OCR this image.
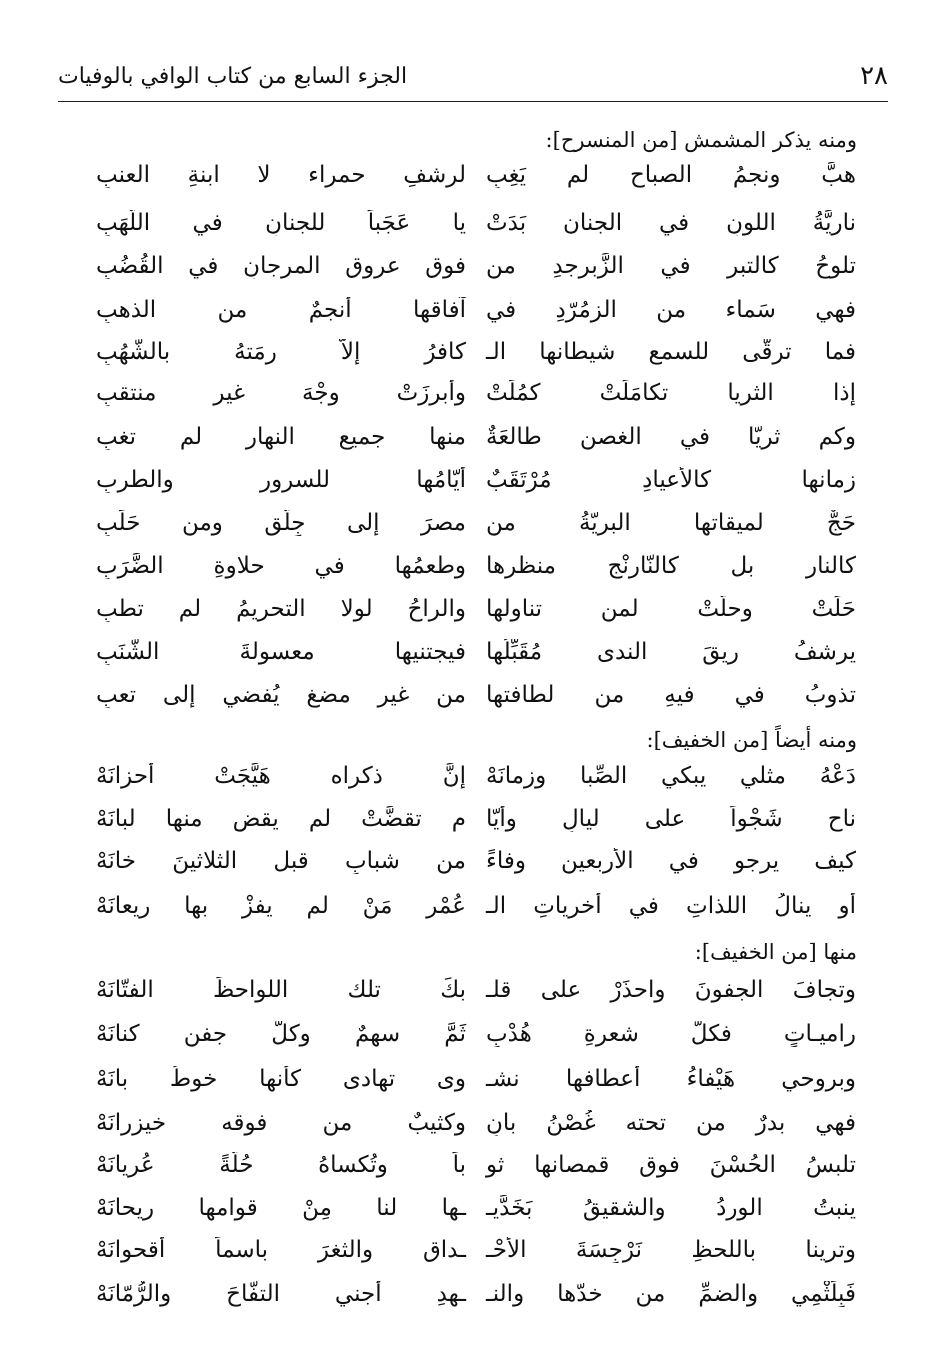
٢٨
الجزء السابع من كتاب الوافي بالوفيات
ومنه يذكر المشمش [من المنسرح]:
هبَّ ونجمُ الصباحِ لم يَغِبِ
لرشفِ حمراء لا ابنةِ العنبِ
ناريَّةُ اللونِ في الجنان بَدَتْ
يا عَجَباً للجنانِ في اللَّهَبِ
تلوحُ كالتبرِ في الزَّبرجدِ من
فوقِ عروق المرجانِ في القُضُبِ
فهي سَماء من الزمُرّدِ في
آفاقها أنجمٌ من الذهبِ
فما ترقَّى للسمعِ شيطانها الـ
كافرُ إلاّ رمَتهُ بالشُّهُبِ
إذا الثريا تكامَلَتْ كمُلَتْ
وأبرزَتْ وجْهَ غيرِ منتقبِ
وكم ثريّا في الغصنِ طالعَةٌ
منها جميعِ النهارِ لم تغبِ
زمانها كالأعيادِ مُرْتَقَبٌ
أيّامُها للسرورِ والطربِ
حَجٌّ لميقاتها البريّةُ من
مصرَ إلى جِلَّقٍ ومن حَلَبِ
كالنار بل كالنّارنْجِ منظرها
وطعمُها في حلاوةِ الضَّرَبِ
حَلَتْ وحلَّتْ لمن تناولها
والراحُ لولا التحريمُ لم تطبِ
يرشفُ ريقَ الندى مُقَبِّلُها
فيجتنيها معسولةَ الشَّنَبِ
تذوبُ في فيهِ من لطافتها
من غيرِ مضغٍ يُفضي إلى تعبِ
ومنه أيضاً [من الخفيف]:
دَعْهُ مثلي يبكي الصِّبا وزمانَهْ
إنَّ ذكراه هَيَّجَتْ أحزانَهْ
ناح شَجْواً على ليالٍ وأيّا
مِ تقضَّتْ لم يقضِ منها لبانَهْ
كيف يرجو في الأربعين وفاءً
من شبابٍ قبل الثلاثينَ خانَهْ
أو ينالُ اللذاتِ في أُخرياتِ الـ
عُمْرِ مَنْ لم يفزْ بها ريعانَهْ
منها [من الخفيف]:
وتجافَ الجفونَ واحذَرْ على قلـ
بكَ تلك اللواحظَ الفتّانَهْ
راميـاتٍ فكلُّ شعرةِ هُدْبٍ
ثَمَّ سهمٌ وكلُّ جفنٍ كنانَهْ
وبروحي هَيْفاءُ أعطافها نشـ
وى تهادى كأنها خوطُ بانَهْ
فهي بدرٌ من تحته غُصْنُ بانٍ
وكثيبٌ من فوقه خيزرانَهْ
تلبسُ الحُسْنَ فوق قمصانها ثو
باً وتُكساهُ حُلَّةً عُريانَهْ
ينبتُ الوردُ والشقيقُ بَخَدَّيـ
ـها لنا مِنْ قوامها ريحانَهْ
وترينا باللحظِ نَرْجِسَةَ الأحْـ
ـداق والثغرَ باسماً أُقحوانَهْ
فَبِلَثْمِي والضمِّ من خدّها والنـ
ـهدِ أجني التفّاحَ والرُّمّانَهْ
